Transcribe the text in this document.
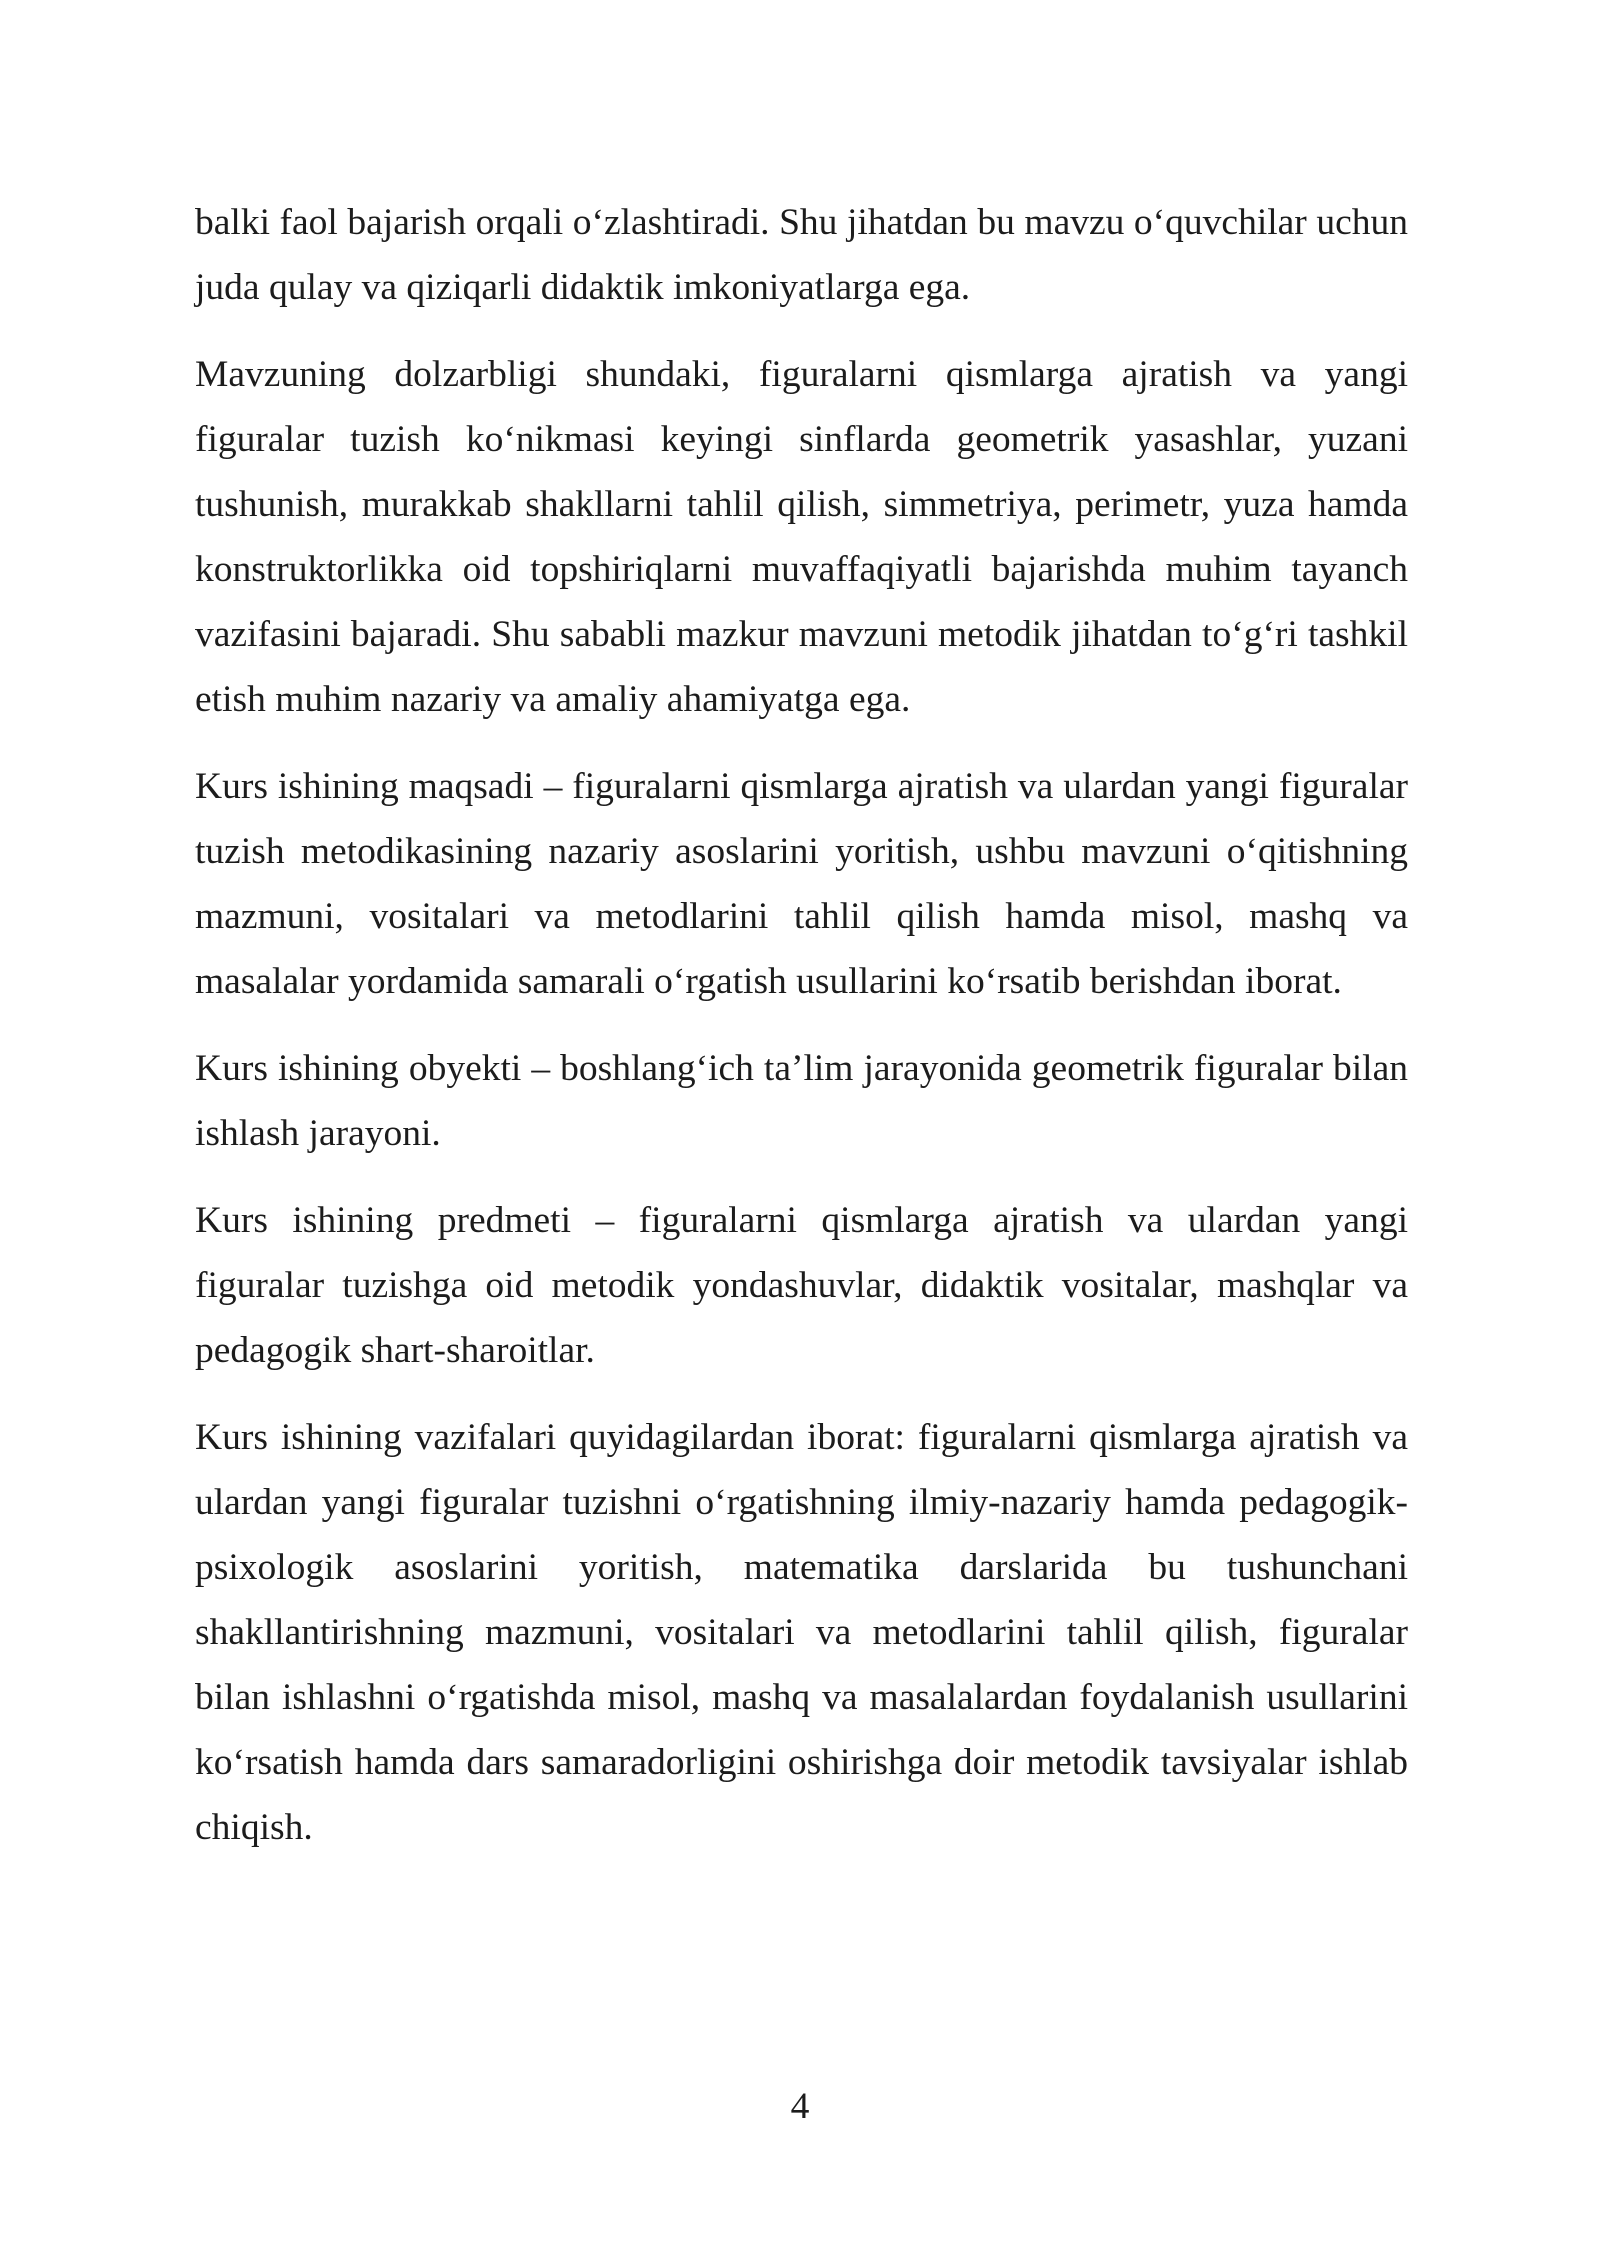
balki faol bajarish orqali o‘zlashtiradi. Shu jihatdan bu mavzu o‘quvchilar uchun juda qulay va qiziqarli didaktik imkoniyatlarga ega.

Mavzuning dolzarbligi shundaki, figuralarni qismlarga ajratish va yangi figuralar tuzish ko‘nikmasi keyingi sinflarda geometrik yasashlar, yuzani tushunish, murakkab shakllarni tahlil qilish, simmetriya, perimetr, yuza hamda konstruktorlikka oid topshiriqlarni muvaffaqiyatli bajarishda muhim tayanch vazifasini bajaradi. Shu sababli mazkur mavzuni metodik jihatdan to‘g‘ri tashkil etish muhim nazariy va amaliy ahamiyatga ega.

Kurs ishining maqsadi – figuralarni qismlarga ajratish va ulardan yangi figuralar tuzish metodikasining nazariy asoslarini yoritish, ushbu mavzuni o‘qitishning mazmuni, vositalari va metodlarini tahlil qilish hamda misol, mashq va masalalar yordamida samarali o‘rgatish usullarini ko‘rsatib berishdan iborat.

Kurs ishining obyekti – boshlang‘ich ta’lim jarayonida geometrik figuralar bilan ishlash jarayoni.

Kurs ishining predmeti – figuralarni qismlarga ajratish va ulardan yangi figuralar tuzishga oid metodik yondashuvlar, didaktik vositalar, mashqlar va pedagogik shart-sharoitlar.

Kurs ishining vazifalari quyidagilardan iborat: figuralarni qismlarga ajratish va ulardan yangi figuralar tuzishni o‘rgatishning ilmiy-nazariy hamda pedagogik-psixologik asoslarini yoritish, matematika darslarida bu tushunchani shakllantirishning mazmuni, vositalari va metodlarini tahlil qilish, figuralar bilan ishlashni o‘rgatishda misol, mashq va masalalardan foydalanish usullarini ko‘rsatish hamda dars samaradorligini oshirishga doir metodik tavsiyalar ishlab chiqish.

4
